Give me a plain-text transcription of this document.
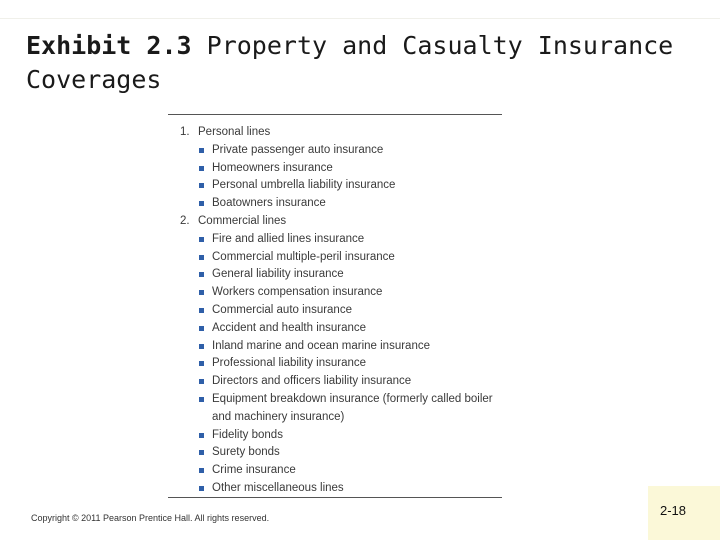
Exhibit 2.3 Property and Casualty Insurance Coverages
1. Personal lines
Private passenger auto insurance
Homeowners insurance
Personal umbrella liability insurance
Boatowners insurance
2. Commercial lines
Fire and allied lines insurance
Commercial multiple-peril insurance
General liability insurance
Workers compensation insurance
Commercial auto insurance
Accident and health insurance
Inland marine and ocean marine insurance
Professional liability insurance
Directors and officers liability insurance
Equipment breakdown insurance (formerly called boiler and machinery insurance)
Fidelity bonds
Surety bonds
Crime insurance
Other miscellaneous lines
Copyright © 2011 Pearson Prentice Hall. All rights reserved.	2-18
